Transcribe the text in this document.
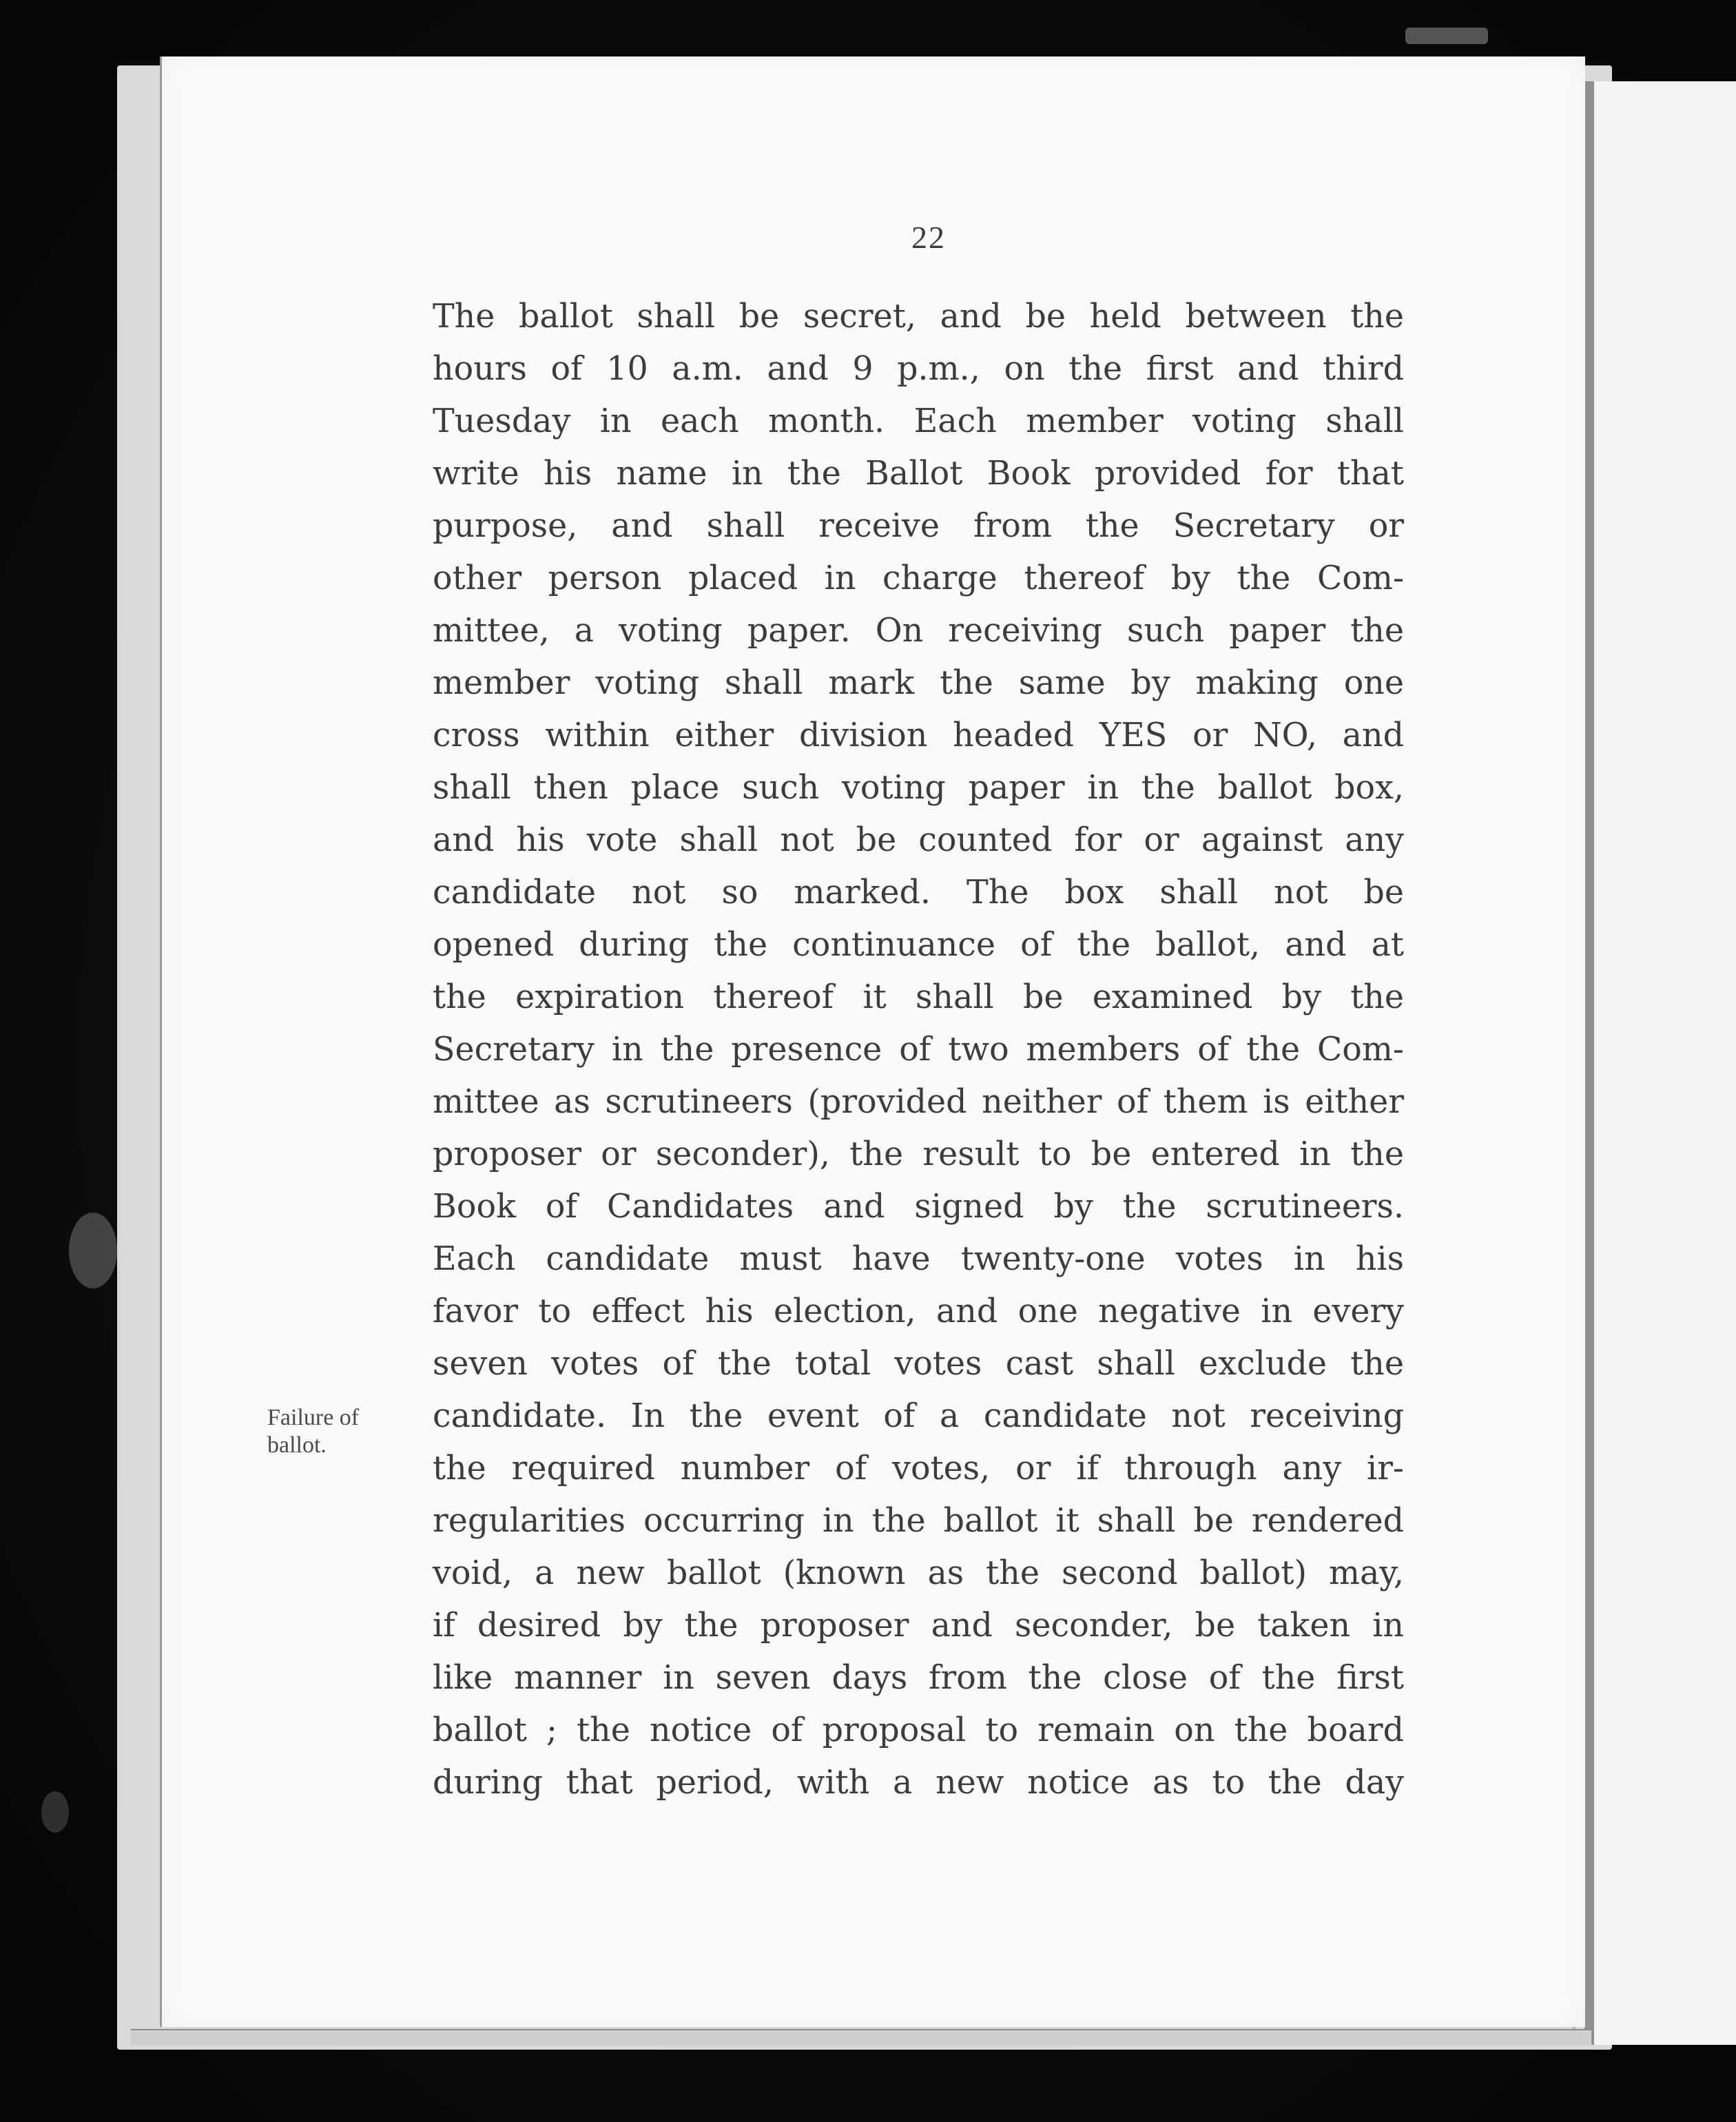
22
Failure of
ballot.
The ballot shall be secret, and be held between the
hours of 10 a.m. and 9 p.m., on the first and third
Tuesday in each month. Each member voting shall
write his name in the Ballot Book provided for that
purpose, and shall receive from the Secretary or
other person placed in charge thereof by the Com-
mittee, a voting paper. On receiving such paper the
member voting shall mark the same by making one
cross within either division headed YES or NO, and
shall then place such voting paper in the ballot box,
and his vote shall not be counted for or against any
candidate not so marked. The box shall not be
opened during the continuance of the ballot, and at
the expiration thereof it shall be examined by the
Secretary in the presence of two members of the Com-
mittee as scrutineers (provided neither of them is either
proposer or seconder), the result to be entered in the
Book of Candidates and signed by the scrutineers.
Each candidate must have twenty-one votes in his
favor to effect his election, and one negative in every
seven votes of the total votes cast shall exclude the
candidate. In the event of a candidate not receiving
the required number of votes, or if through any ir-
regularities occurring in the ballot it shall be rendered
void, a new ballot (known as the second ballot) may,
if desired by the proposer and seconder, be taken in
like manner in seven days from the close of the first
ballot ; the notice of proposal to remain on the board
during that period, with a new notice as to the day
